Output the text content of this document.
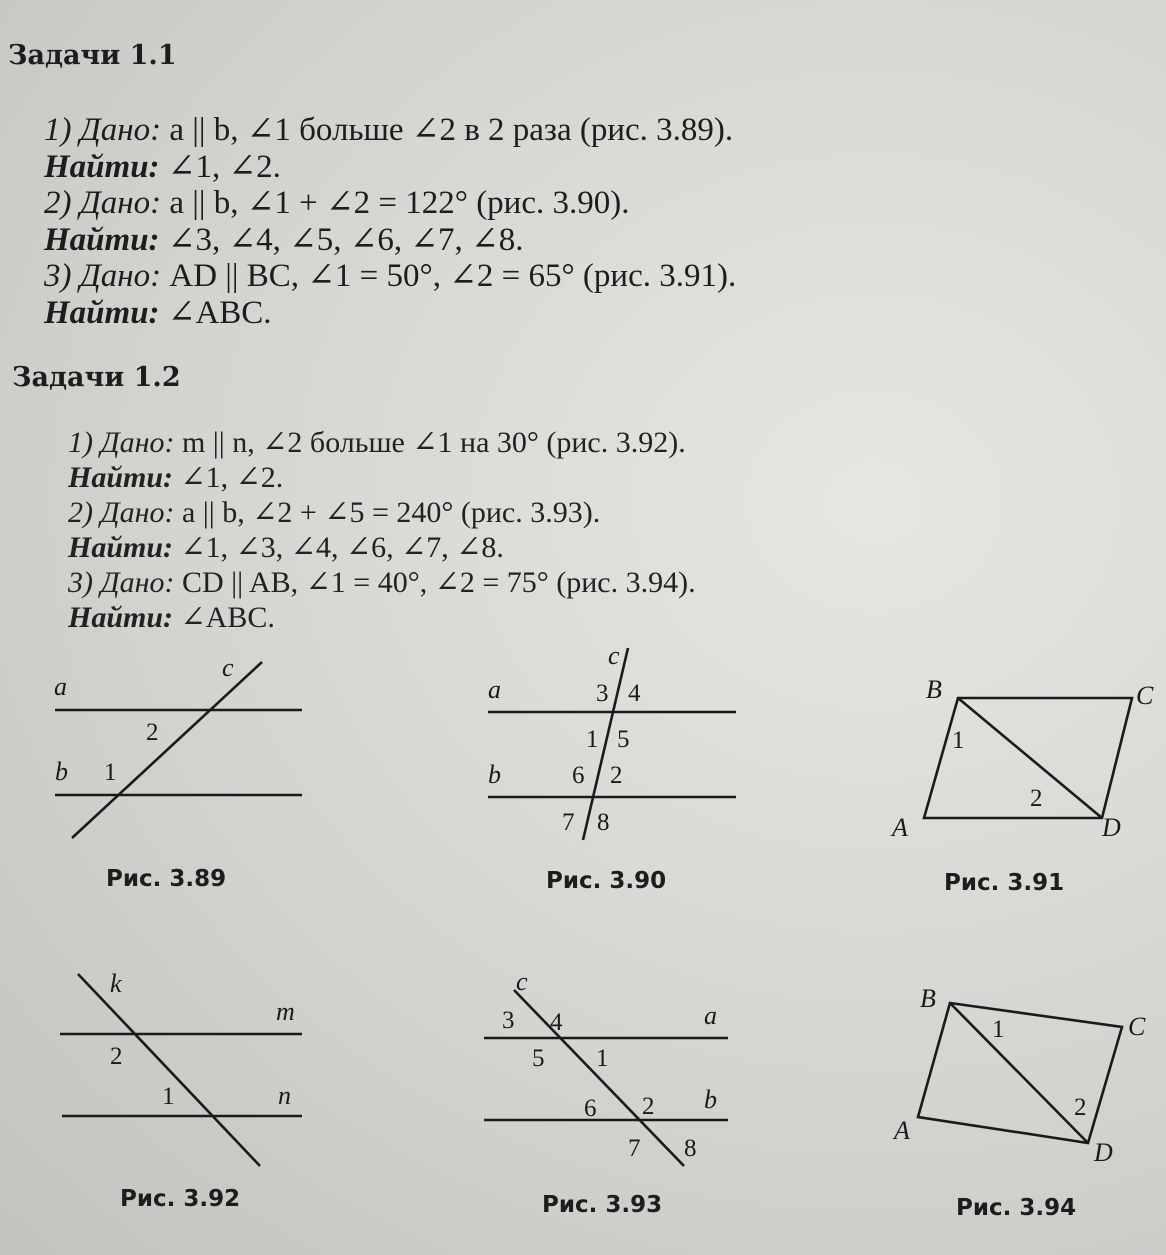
Задачи 1.1

1) Дано: a || b, ∠1 больше ∠2 в 2 раза (рис. 3.89).

Найти: ∠1, ∠2.

2) Дано: a || b, ∠1 + ∠2 = 122° (рис. 3.90).

Найти: ∠3, ∠4, ∠5, ∠6, ∠7, ∠8.

3) Дано: AD || BC, ∠1 = 50°, ∠2 = 65° (рис. 3.91).

Найти: ∠ABC.

Задачи 1.2

1) Дано: m || n, ∠2 больше ∠1 на 30° (рис. 3.92).

Найти: ∠1, ∠2.

2) Дано: a || b, ∠2 + ∠5 = 240° (рис. 3.93).

Найти: ∠1, ∠3, ∠4, ∠6, ∠7, ∠8.

3) Дано: CD || AB, ∠1 = 40°, ∠2 = 75° (рис. 3.94).

Найти: ∠ABC.

a
b
c
1
2

Рис. 3.89

a
b
c
3 4
1 5
6 2
7 8

Рис. 3.90

B	C
A	D
1
2

Рис. 3.91

k
m
n
2
1

Рис. 3.92

c
a
b
3 4
5 1
6 2
7 8

Рис. 3.93

B
C
A
D
1
2

Рис. 3.94
